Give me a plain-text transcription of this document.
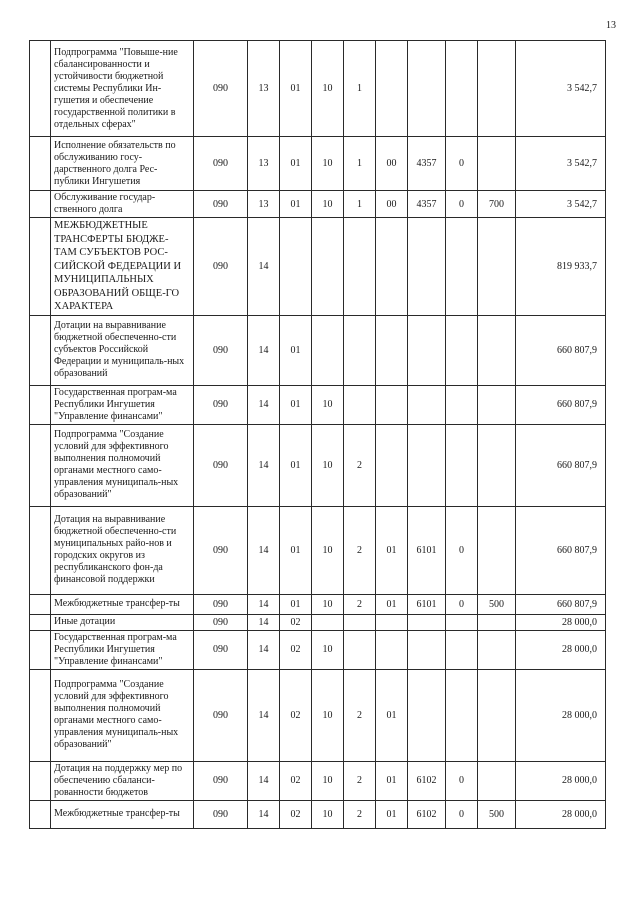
13
	Подпрограмма "Повыше-ние сбалансированности и устойчивости бюджетной системы Республики Ин-гушетия и обеспечение государственной политики в отдельных сферах"	090	13	01	10	1					3 542,7
	Исполнение обязательств по обслуживанию госу-дарственного долга Рес-публики Ингушетия	090	13	01	10	1	00	4357	0		3 542,7
	Обслуживание государ-ственного долга	090	13	01	10	1	00	4357	0	700	3 542,7
	МЕЖБЮДЖЕТНЫЕ ТРАНСФЕРТЫ БЮДЖЕ-ТАМ СУБЪЕКТОВ РОС-СИЙСКОЙ ФЕДЕРАЦИИ И МУНИЦИПАЛЬНЫХ ОБРАЗОВАНИЙ ОБЩЕ-ГО ХАРАКТЕРА	090	14								819 933,7
	Дотации на выравнивание бюджетной обеспеченно-сти субъектов Российской Федерации и муниципаль-ных образований	090	14	01							660 807,9
	Государственная програм-ма Республики Ингушетия "Управление финансами"	090	14	01	10						660 807,9
	Подпрограмма "Создание условий для эффективного выполнения полномочий органами местного само-управления муниципаль-ных образований"	090	14	01	10	2					660 807,9
	Дотация на выравнивание бюджетной обеспеченно-сти муниципальных райо-нов и городских округов из республиканского фон-да финансовой поддержки	090	14	01	10	2	01	6101	0		660 807,9
	Межбюджетные трансфер-ты	090	14	01	10	2	01	6101	0	500	660 807,9
	Иные дотации	090	14	02							28 000,0
	Государственная програм-ма Республики Ингушетия "Управление финансами"	090	14	02	10						28 000,0
	Подпрограмма "Создание условий для эффективного выполнения полномочий органами местного само-управления муниципаль-ных образований"	090	14	02	10	2	01				28 000,0
	Дотация на поддержку мер по обеспечению сбаланси-рованности бюджетов	090	14	02	10	2	01	6102	0		28 000,0
	Межбюджетные трансфер-ты	090	14	02	10	2	01	6102	0	500	28 000,0
